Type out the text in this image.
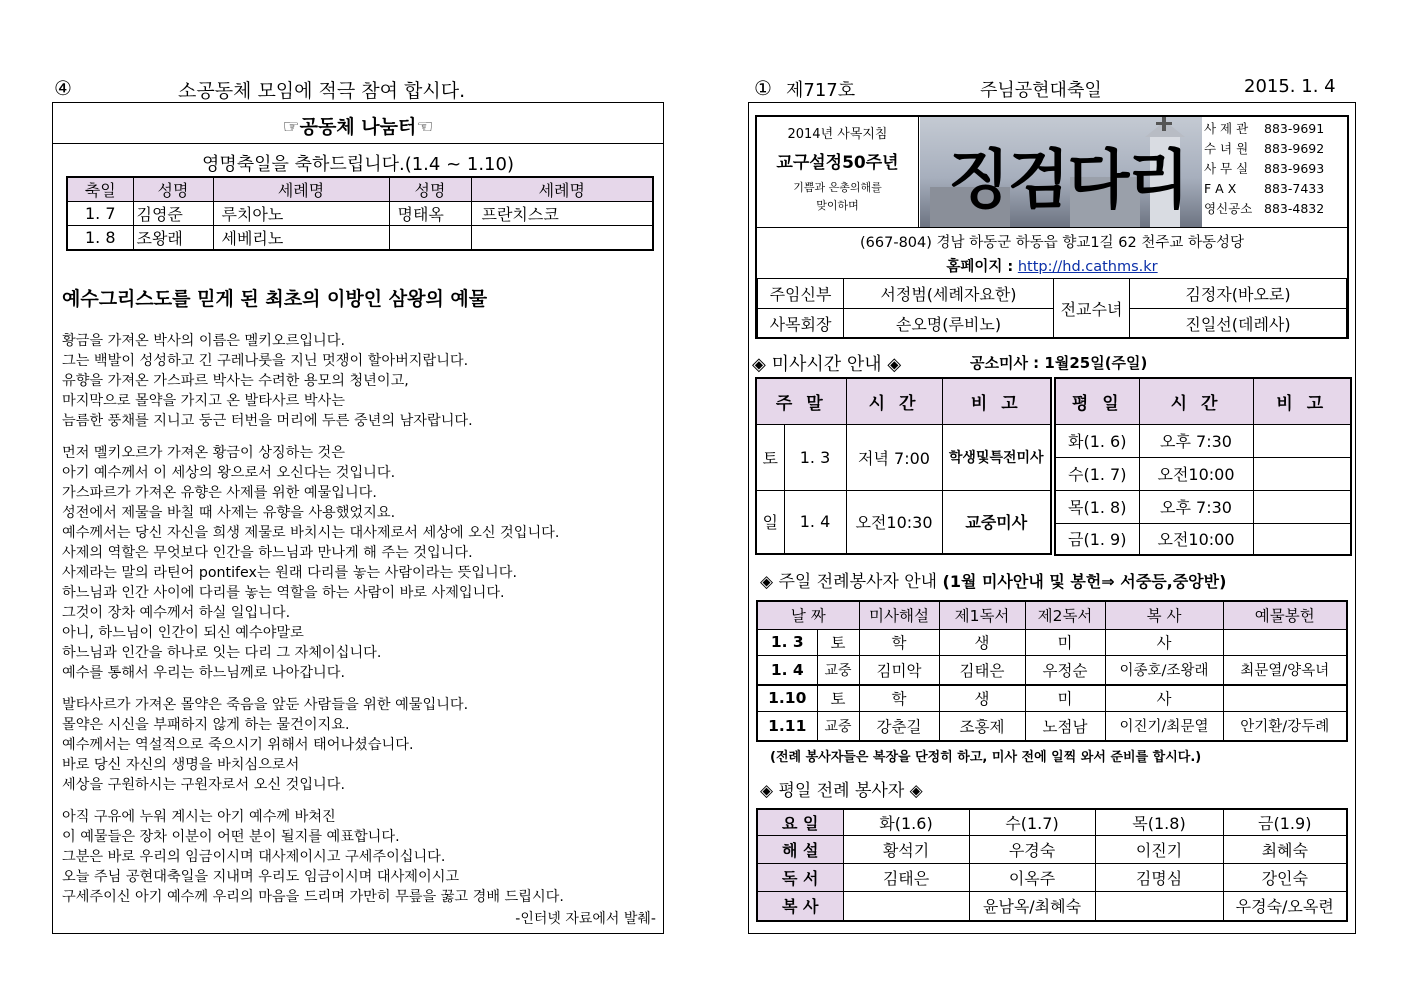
④	소공동체 모임에 적극 참여 합시다.
☞공동체 나눔터☜
영명축일을 축하드립니다.(1.4 ~ 1.10)
축일	성명	세례명	성명	세례명
1. 7	김영준	루치아노	명태옥	프란치스코
1. 8	조왕래	세베리노		
예수그리스도를 믿게 된 최초의 이방인 삼왕의 예물

황금을 가져온 박사의 이름은 멜키오르입니다.

그는 백발이 성성하고 긴 구레나룻을 지닌 멋쟁이 할아버지랍니다.

유향을 가져온 가스파르 박사는 수려한 용모의 청년이고,

마지막으로 몰약을 가지고 온 발타사르 박사는

늠름한 풍채를 지니고 둥근 터번을 머리에 두른 중년의 남자랍니다.

먼저 멜키오르가 가져온 황금이 상징하는 것은

아기 예수께서 이 세상의 왕으로서 오신다는 것입니다.

가스파르가 가져온 유향은 사제를 위한 예물입니다.

성전에서 제물을 바칠 때 사제는 유향을 사용했었지요.

예수께서는 당신 자신을 희생 제물로 바치시는 대사제로서 세상에 오신 것입니다.

사제의 역할은 무엇보다 인간을 하느님과 만나게 해 주는 것입니다.

사제라는 말의 라틴어 pontifex는 원래 다리를 놓는 사람이라는 뜻입니다.

하느님과 인간 사이에 다리를 놓는 역할을 하는 사람이 바로 사제입니다.

그것이 장차 예수께서 하실 일입니다.

아니, 하느님이 인간이 되신 예수야말로

하느님과 인간을 하나로 잇는 다리 그 자체이십니다.

예수를 통해서 우리는 하느님께로 나아갑니다.

발타사르가 가져온 몰약은 죽음을 앞둔 사람들을 위한 예물입니다.

몰약은 시신을 부패하지 않게 하는 물건이지요.

예수께서는 역설적으로 죽으시기 위해서 태어나셨습니다.

바로 당신 자신의 생명을 바치심으로서

세상을 구원하시는 구원자로서 오신 것입니다.

아직 구유에 누워 계시는 아기 예수께 바쳐진

이 예물들은 장차 이분이 어떤 분이 될지를 예표합니다.

그분은 바로 우리의 임금이시며 대사제이시고 구세주이십니다.

오늘 주님 공현대축일을 지내며 우리도 임금이시며 대사제이시고

구세주이신 아기 예수께 우리의 마음을 드리며 가만히 무릎을 꿇고 경배 드립시다.

-인터넷 자료에서 발췌-
① 제717호	주님공현대축일	2015. 1. 4
2014년 사목지침
교구설정50주년
기쁨과 은총의해를
맞이하며	징검다리
사 제 관 883-9691
수 녀 원 883-9692
사 무 실 883-9693
F A X 883-7433
영신공소 883-4832
(667-804) 경남 하동군 하동읍 향교1길 62 천주교 하동성당
홈페이지 : http://hd.cathms.kr
주임신부	서정범(세례자요한)	전교수녀	김정자(바오로)
사목회장	손오명(루비노)		진일선(데레사)
◈ 미사시간 안내 ◈	공소미사 : 1월25일(주일)
주 말		시 간	비 고
토	1. 3	저녁 7:00	학생및특전미사
일	1. 4	오전10:30	교중미사
평 일	시 간	비 고
화(1. 6)	오후 7:30	
수(1. 7)	오전10:00	
목(1. 8)	오후 7:30	
금(1. 9)	오전10:00	
◈ 주일 전례봉사자 안내 (1월 미사안내 및 봉헌⇒ 서중등,중앙반)
날 짜		미사해설	제1독서	제2독서	복 사	예물봉헌
1. 3	토	학	생	미	사	
1. 4	교중	김미악	김태은	우정순	이종호/조왕래	최문열/양옥녀
1.10	토	학	생	미	사	
1.11	교중	강춘길	조홍제	노점남	이진기/최문열	안기환/강두례
(전례 봉사자들은 복장을 단정히 하고, 미사 전에 일찍 와서 준비를 합시다.)
◈ 평일 전례 봉사자 ◈
요 일	화(1.6)	수(1.7)	목(1.8)	금(1.9)
해 설	황석기	우경숙	이진기	최혜숙
독 서	김태은	이옥주	김명심	강인숙
복 사		윤남옥/최혜숙		우경숙/오옥련
